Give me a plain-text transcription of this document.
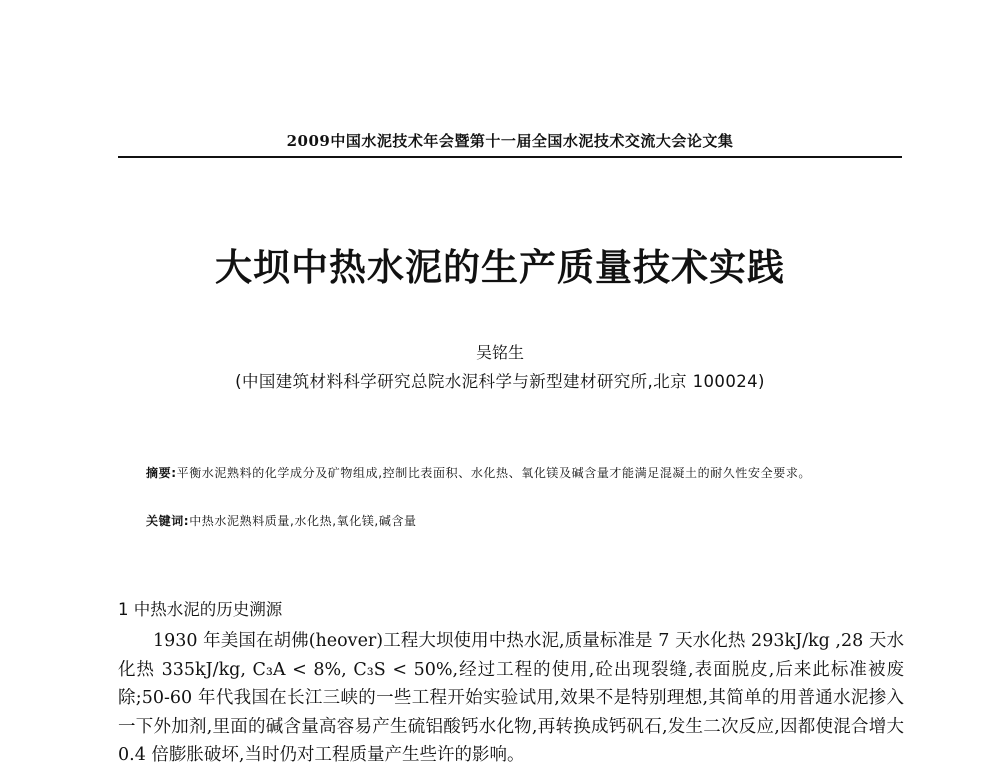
2009中国水泥技术年会暨第十一届全国水泥技术交流大会论文集
大坝中热水泥的生产质量技术实践
吴铭生
(中国建筑材料科学研究总院水泥科学与新型建材研究所,北京 100024)
摘要:平衡水泥熟料的化学成分及矿物组成,控制比表面积、水化热、氧化镁及碱含量才能满足混凝土的耐久性安全要求。
关键词:中热水泥熟料质量,水化热,氧化镁,碱含量
1 中热水泥的历史溯源

1930 年美国在胡佛(heover)工程大坝使用中热水泥,质量标准是 7 天水化热 293kJ/kg ,28 天水化热 335kJ/kg, C₃A < 8%, C₃S < 50%,经过工程的使用,砼出现裂缝,表面脱皮,后来此标准被废除;50-60 年代我国在长江三峡的一些工程开始实验试用,效果不是特别理想,其简单的用普通水泥掺入一下外加剂,里面的碱含量高容易产生硫铝酸钙水化物,再转换成钙矾石,发生二次反应,因都使混合增大 0.4 倍膨胀破坏,当时仍对工程质量产生些许的影响。
